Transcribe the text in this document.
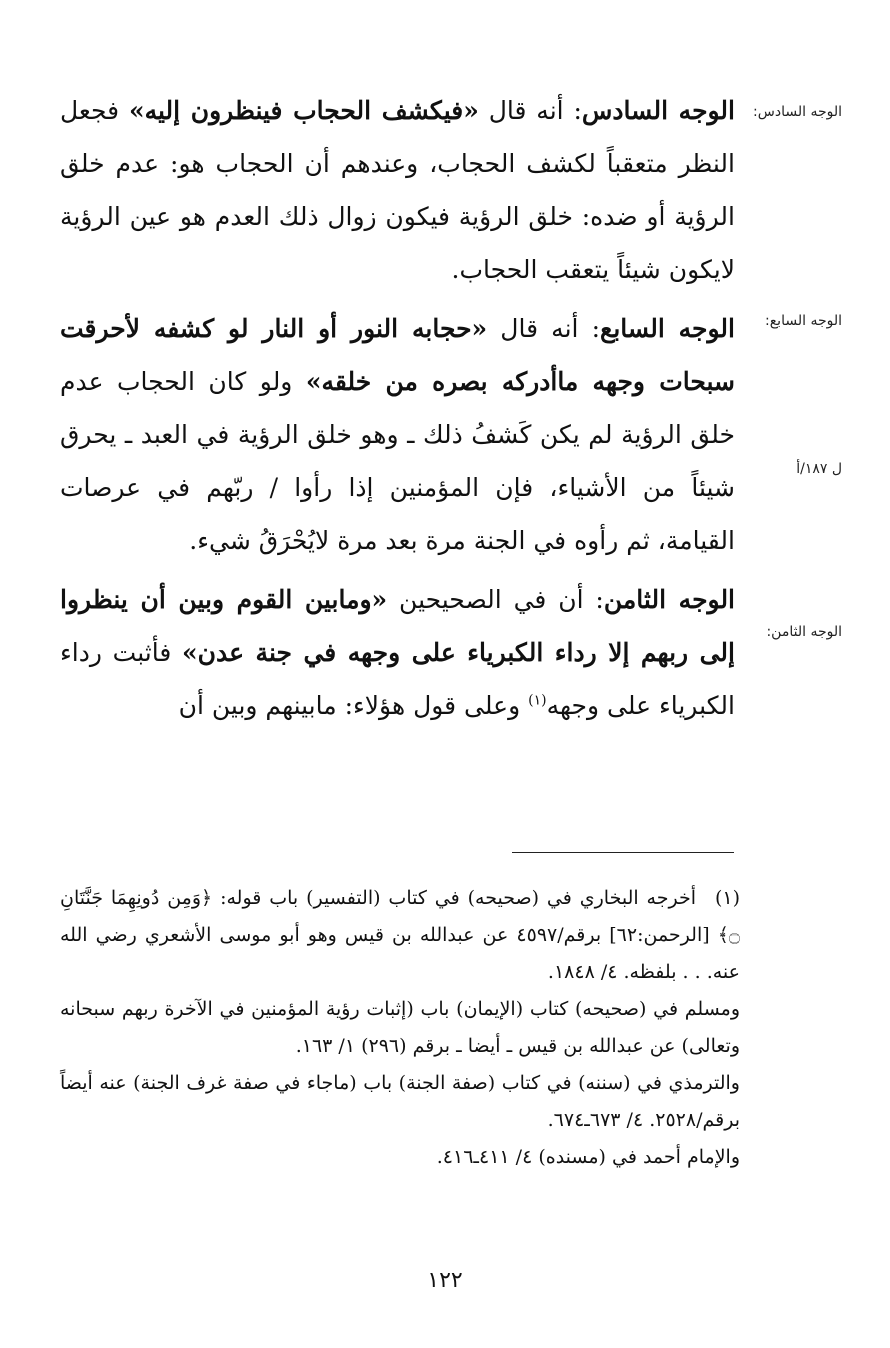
الوجه السادس:
الوجه السابع:
ل ١٨٧/أ
الوجه الثامن:

الوجه السادس: أنه قال «فيكشف الحجاب فينظرون إليه» فجعل النظر متعقباً لكشف الحجاب، وعندهم أن الحجاب هو: عدم خلق الرؤية أو ضده: خلق الرؤية فيكون زوال ذلك العدم هو عين الرؤية لايكون شيئاً يتعقب الحجاب.

الوجه السابع: أنه قال «حجابه النور أو النار لو كشفه لأحرقت سبحات وجهه ماأدركه بصره من خلقه» ولو كان الحجاب عدم خلق الرؤية لم يكن كَشفُ ذلك ـ وهو خلق الرؤية في العبد ـ يحرق شيئاً من الأشياء، فإن المؤمنين إذا رأوا / ربّهم في عرصات القيامة، ثم رأوه في الجنة مرة بعد مرة لايُحْرَقُ شيء.

الوجه الثامن: أن في الصحيحين «ومابين القوم وبين أن ينظروا إلى ربهم إلا رداء الكبرياء على وجهه في جنة عدن» فأثبت رداء الكبرياء على وجهه$^{(١)}$ وعلى قول هؤلاء: مابينهم وبين أن

(١)أخرجه البخاري في (صحيحه) في كتاب (التفسير) باب قوله: ﴿وَمِن دُونِهِمَا جَنَّتَانِ ۝﴾ [الرحمن:٦٢] برقم/٤٥٩٧ عن عبدالله بن قيس وهو أبو موسى الأشعري رضي الله عنه. . . بلفظه. ٤/ ١٨٤٨.

ومسلم في (صحيحه) كتاب (الإيمان) باب (إثبات رؤية المؤمنين في الآخرة ربهم سبحانه وتعالى) عن عبدالله بن قيس ـ أيضا ـ برقم (٢٩٦) ١/ ١٦٣.

والترمذي في (سننه) في كتاب (صفة الجنة) باب (ماجاء في صفة غرف الجنة) عنه أيضاً برقم/٢٥٢٨. ٤/ ٦٧٣ـ٦٧٤.

والإمام أحمد في (مسنده) ٤/ ٤١١ـ٤١٦.

١٢٢
